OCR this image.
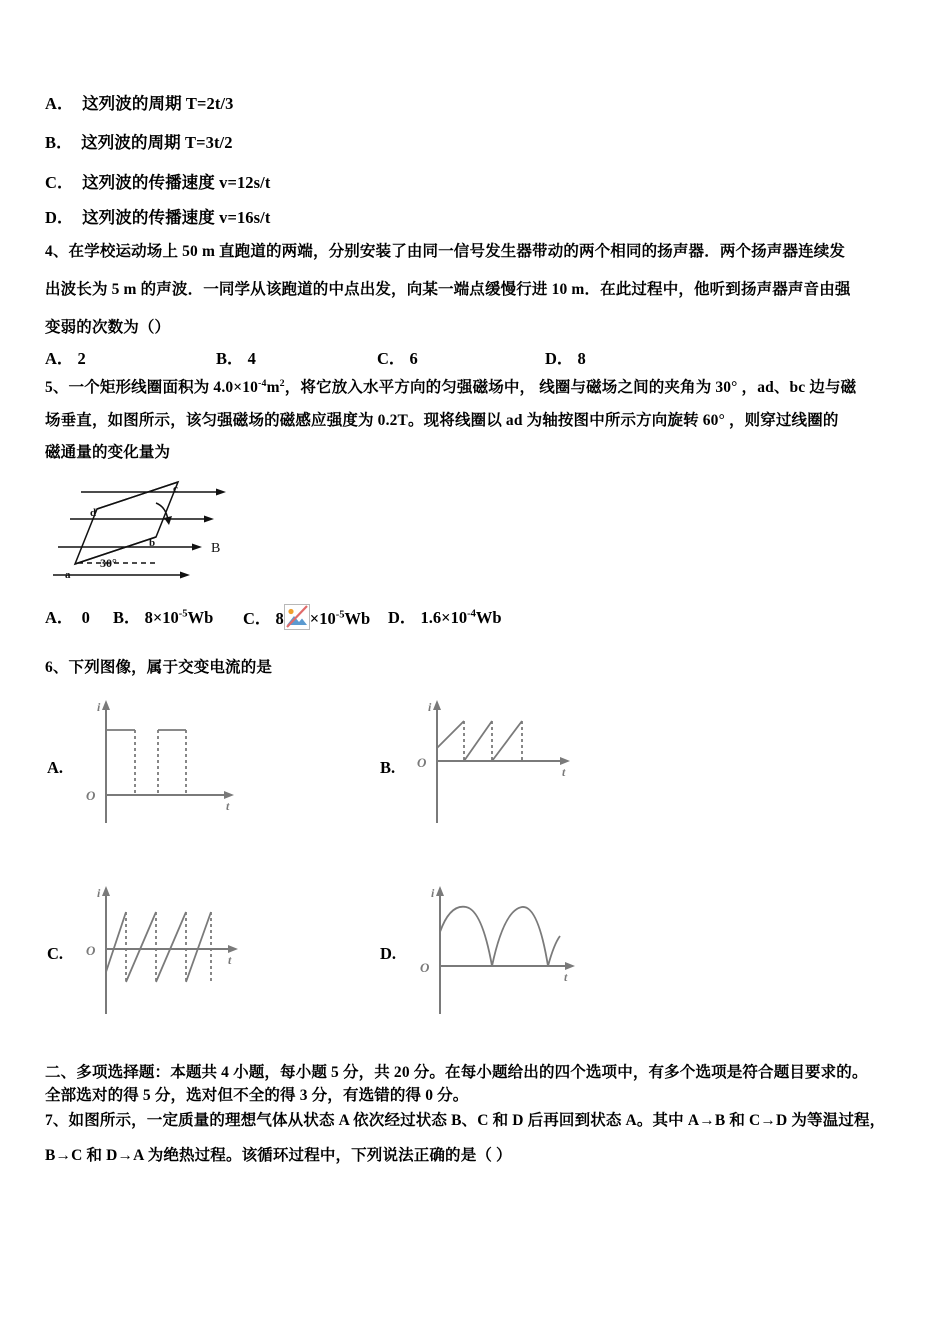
A． 这列波的周期 T=2t/3
B． 这列波的周期 T=3t/2
C． 这列波的传播速度 v=12s/t
D． 这列波的传播速度 v=16s/t
4、在学校运动场上 50 m 直跑道的两端，分别安装了由同一信号发生器带动的两个相同的扬声器．两个扬声器连续发
出波长为 5 m 的声波．一同学从该跑道的中点出发，向某一端点缓慢行进 10 m．在此过程中，他听到扬声器声音由强
变弱的次数为（）
A． 2	B． 4	C． 6	D． 8
5、一个矩形线圈面积为 $4.0\times 10^{-4}m^2$，将它放入水平方向的匀强磁场中， 线圈与磁场之间的夹角为 30° ，ad、bc 边与磁
场垂直，如图所示，该匀强磁场的磁感应强度为 0.2T。现将线圈以 ad 为轴按图中所示方向旋转 60° ，则穿过线圈的
磁通量的变化量为
c
d
b
a
30°
B
A． 0 B． $8\times 10^{-5}Wb$ C． $8 \times 10^{-5}Wb$ D． $1.6\times 10^{-4}Wb$
6、下列图像，属于交变电流的是
A.
O
i
t
B. O
i
t
C. O
i
t	D.
O
i
t
二、多项选择题：本题共 4 小题，每小题 5 分，共 20 分。在每小题给出的四个选项中，有多个选项是符合题目要求的。
全部选对的得 5 分，选对但不全的得 3 分，有选错的得 0 分。
7、如图所示，一定质量的理想气体从状态 A 依次经过状态 B、C 和 D 后再回到状态 A。其中 A→B 和 C→D 为等温过程，
B→C 和 D→A 为绝热过程。该循环过程中，下列说法正确的是（ ）
